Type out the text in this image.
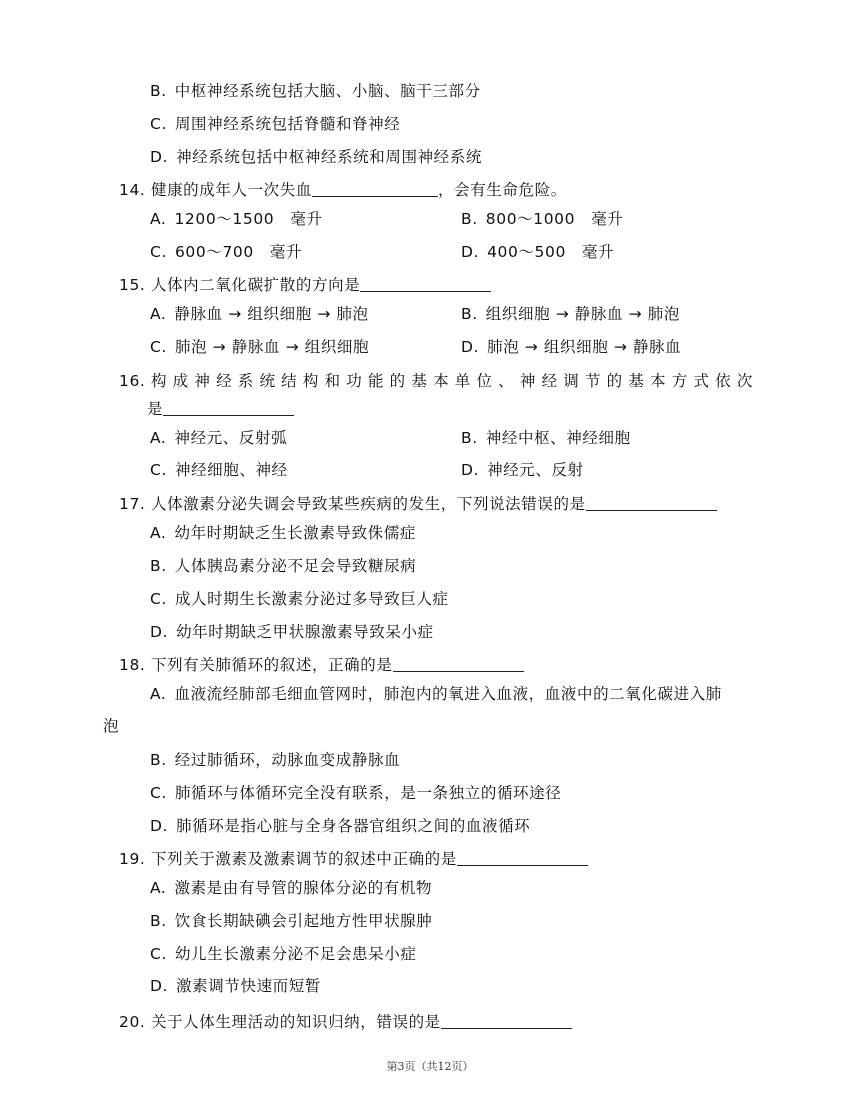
B. 中枢神经系统包括大脑、小脑、脑干三部分
C. 周围神经系统包括脊髓和脊神经
D. 神经系统包括中枢神经系统和周围神经系统
14. 健康的成年人一次失血	，会有生命危险。
A. 1200～1500　毫升	B. 800～1000　毫升
C. 600～700　毫升	D. 400～500　毫升
15. 人体内二氧化碳扩散的方向是
A. 静脉血 → 组织细胞 → 肺泡	B. 组织细胞 → 静脉血 → 肺泡
C. 肺泡 → 静脉血 → 组织细胞	D. 肺泡 → 组织细胞 → 静脉血
16. 构成神经系统结构和功能的基本单位、神经调节的基本方式依次
是
A. 神经元、反射弧	B. 神经中枢、神经细胞
C. 神经细胞、神经	D. 神经元、反射
17. 人体激素分泌失调会导致某些疾病的发生，下列说法错误的是
A. 幼年时期缺乏生长激素导致侏儒症
B. 人体胰岛素分泌不足会导致糖尿病
C. 成人时期生长激素分泌过多导致巨人症
D. 幼年时期缺乏甲状腺激素导致呆小症
18. 下列有关肺循环的叙述，正确的是
A. 血液流经肺部毛细血管网时，肺泡内的氧进入血液，血液中的二氧化碳进入肺
泡
B. 经过肺循环，动脉血变成静脉血
C. 肺循环与体循环完全没有联系，是一条独立的循环途径
D. 肺循环是指心脏与全身各器官组织之间的血液循环
19. 下列关于激素及激素调节的叙述中正确的是
A. 激素是由有导管的腺体分泌的有机物
B. 饮食长期缺碘会引起地方性甲状腺肿
C. 幼儿生长激素分泌不足会患呆小症
D. 激素调节快速而短暂
20. 关于人体生理活动的知识归纳，错误的是
第3页（共12页）
